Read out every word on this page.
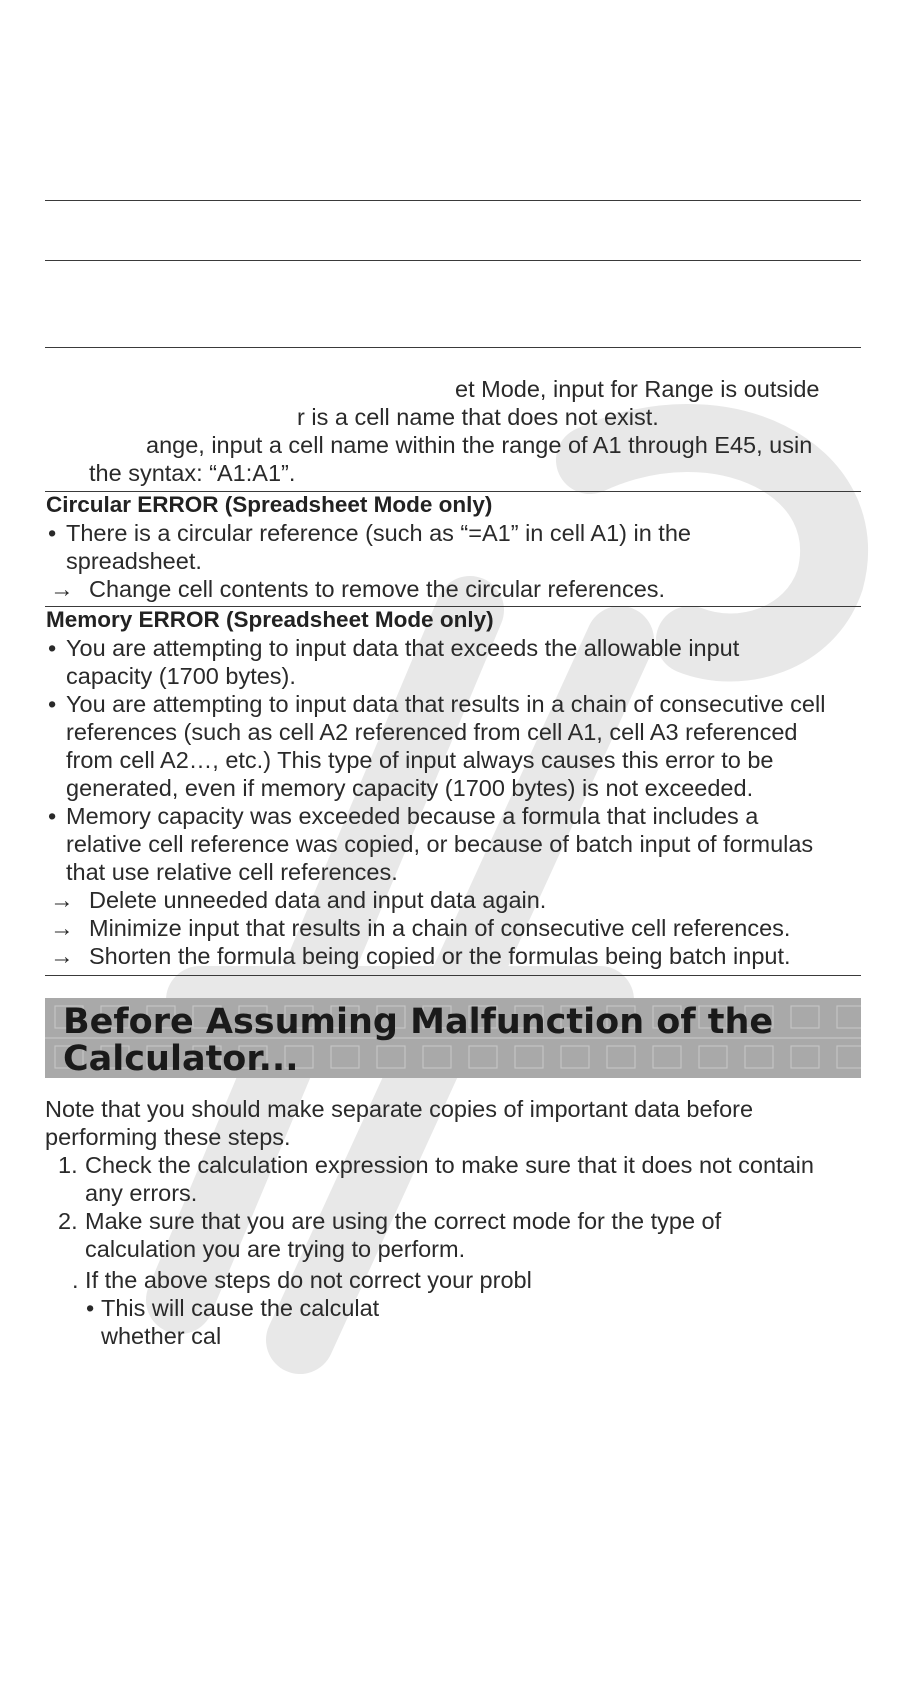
et Mode, input for Range is outside
r is a cell name that does not exist.
ange, input a cell name within the range of A1 through E45, usin
the syntax: “A1:A1”.
Circular ERROR (Spreadsheet Mode only)
• There is a circular reference (such as “=A1” in cell A1) in the
spreadsheet.
→ Change cell contents to remove the circular references.
Memory ERROR (Spreadsheet Mode only)
• You are attempting to input data that exceeds the allowable input
capacity (1700 bytes).
• You are attempting to input data that results in a chain of consecutive cell
references (such as cell A2 referenced from cell A1, cell A3 referenced
from cell A2…, etc.) This type of input always causes this error to be
generated, even if memory capacity (1700 bytes) is not exceeded.
• Memory capacity was exceeded because a formula that includes a
relative cell reference was copied, or because of batch input of formulas
that use relative cell references.
→ Delete unneeded data and input data again.
→ Minimize input that results in a chain of consecutive cell references.
→ Shorten the formula being copied or the formulas being batch input.
Before Assuming Malfunction of the
Calculator...
Note that you should make separate copies of important data before
performing these steps.
1. Check the calculation expression to make sure that it does not contain
any errors.
2. Make sure that you are using the correct mode for the type of
calculation you are trying to perform.
. If the above steps do not correct your probl
• This will cause the calculat
whether cal
